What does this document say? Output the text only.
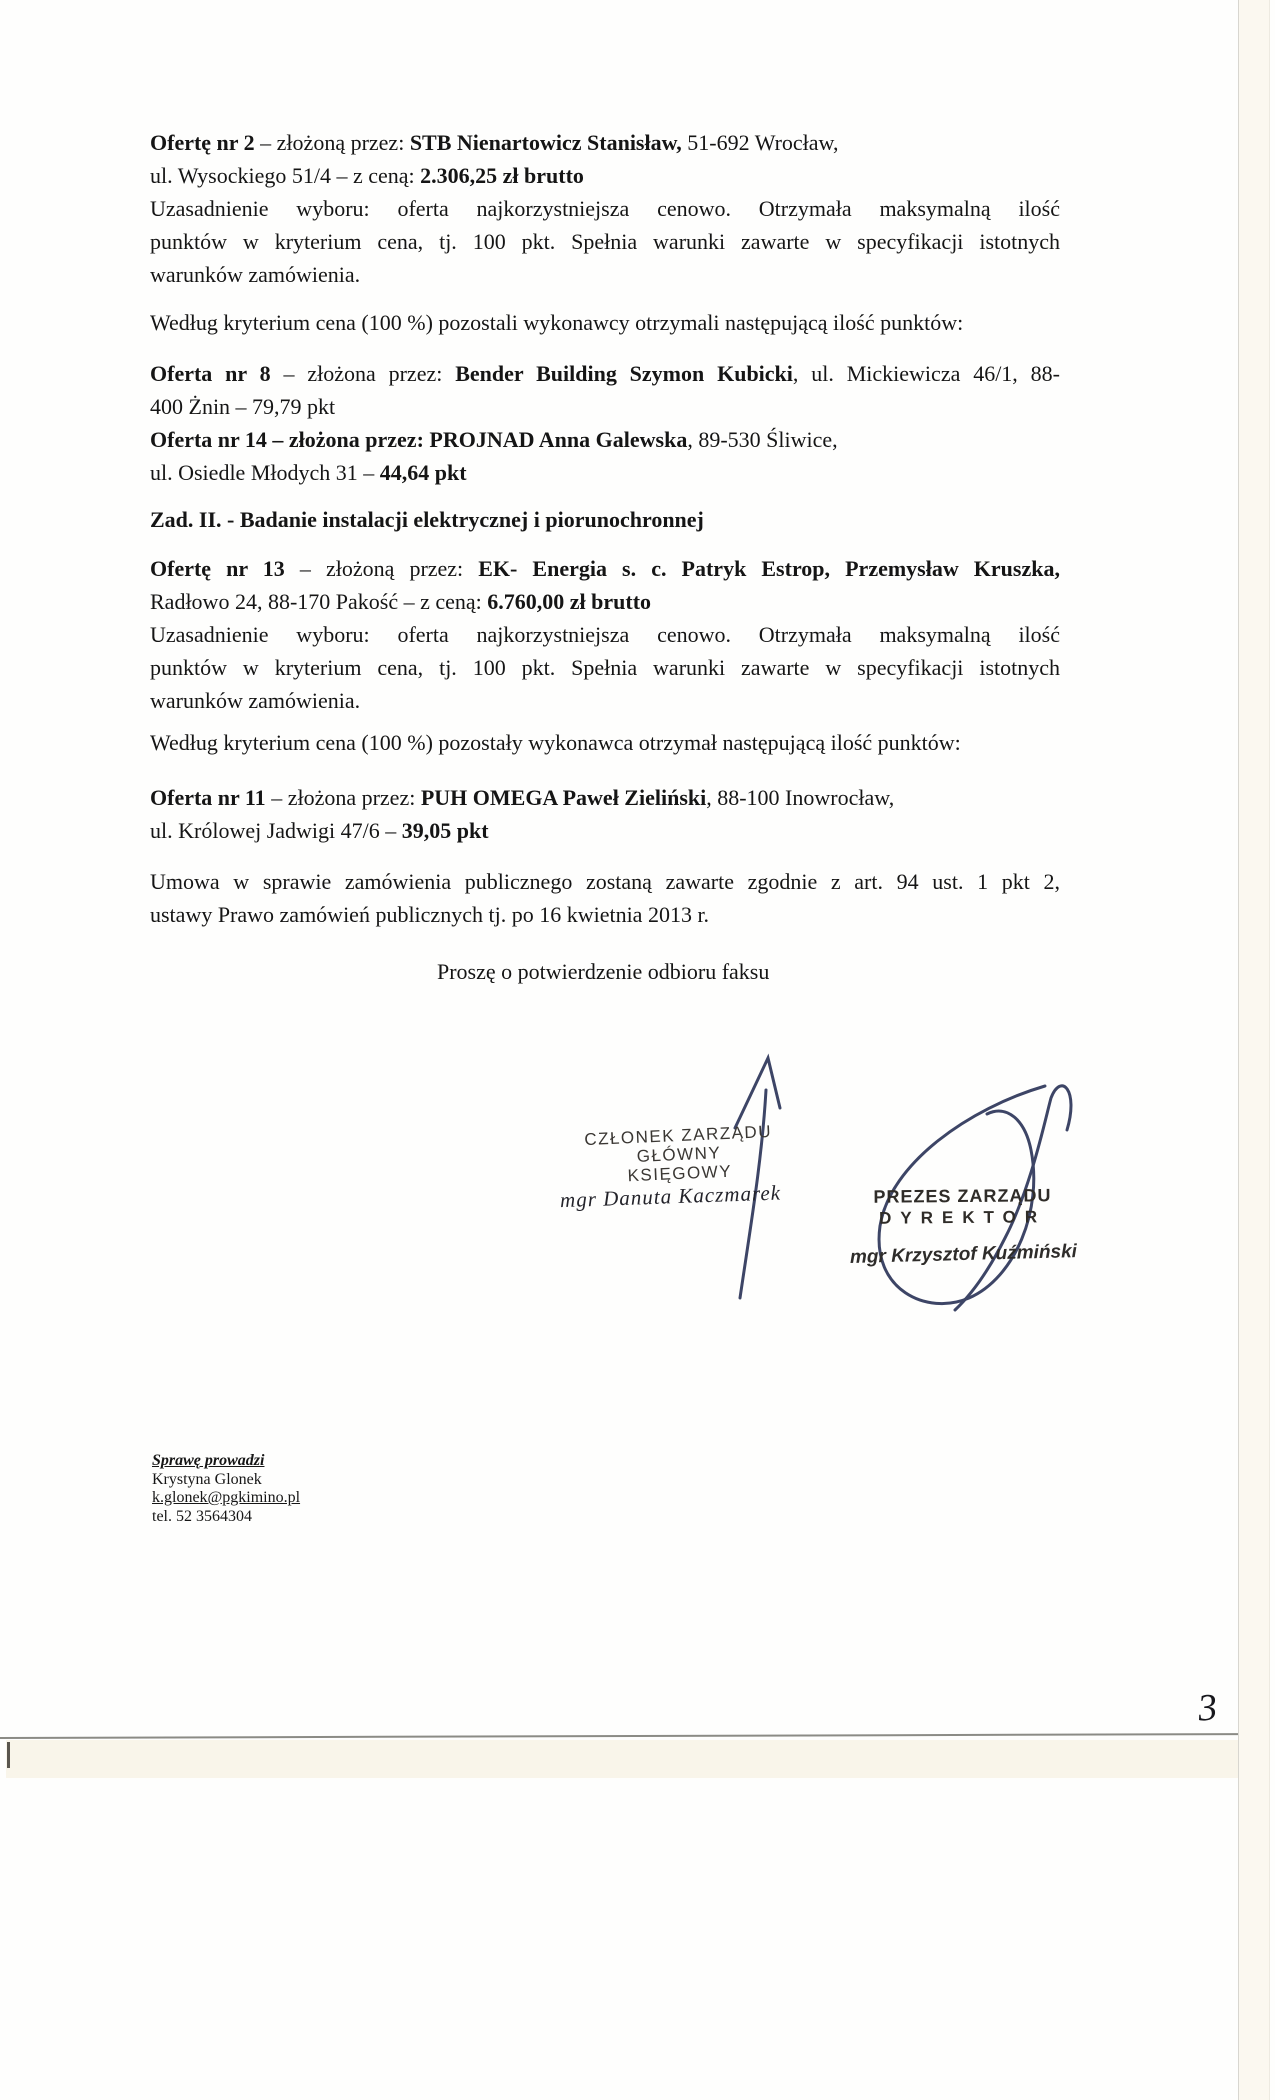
Ofertę nr 2 – złożoną przez: STB Nienartowicz Stanisław, 51-692 Wrocław,
ul. Wysockiego 51/4 – z ceną: 2.306,25 zł brutto
Uzasadnienie wyboru: oferta najkorzystniejsza cenowo. Otrzymała maksymalną ilość
punktów w kryterium cena, tj. 100 pkt. Spełnia warunki zawarte w specyfikacji istotnych
warunków zamówienia.
Według kryterium cena (100 %) pozostali wykonawcy otrzymali następującą ilość punktów:
Oferta nr 8 – złożona przez: Bender Building Szymon Kubicki, ul. Mickiewicza 46/1, 88-
400 Żnin – 79,79 pkt
Oferta nr 14 – złożona przez: PROJNAD Anna Galewska, 89-530 Śliwice,
ul. Osiedle Młodych 31 – 44,64 pkt
Zad. II. - Badanie instalacji elektrycznej i piorunochronnej
Ofertę nr 13 – złożoną przez: EK- Energia s. c. Patryk Estrop, Przemysław Kruszka,
Radłowo 24, 88-170 Pakość – z ceną: 6.760,00 zł brutto
Uzasadnienie wyboru: oferta najkorzystniejsza cenowo. Otrzymała maksymalną ilość
punktów w kryterium cena, tj. 100 pkt. Spełnia warunki zawarte w specyfikacji istotnych
warunków zamówienia.
Według kryterium cena (100 %) pozostały wykonawca otrzymał następującą ilość punktów:
Oferta nr 11 – złożona przez: PUH OMEGA Paweł Zieliński, 88-100 Inowrocław,
ul. Królowej Jadwigi 47/6 – 39,05 pkt
Umowa w sprawie zamówienia publicznego zostaną zawarte zgodnie z art. 94 ust. 1 pkt 2,
ustawy Prawo zamówień publicznych tj. po 16 kwietnia 2013 r.
Proszę o potwierdzenie odbioru faksu
CZŁONEK ZARZĄDU
GŁÓWNY KSIĘGOWY
mgr Danuta Kaczmarek	PREZES ZARZĄDU
DYREKTOR
mgr Krzysztof Kuźmiński
Sprawę prowadzi
Krystyna Glonek
k.glonek@pgkimino.pl
tel. 52 3564304
3
